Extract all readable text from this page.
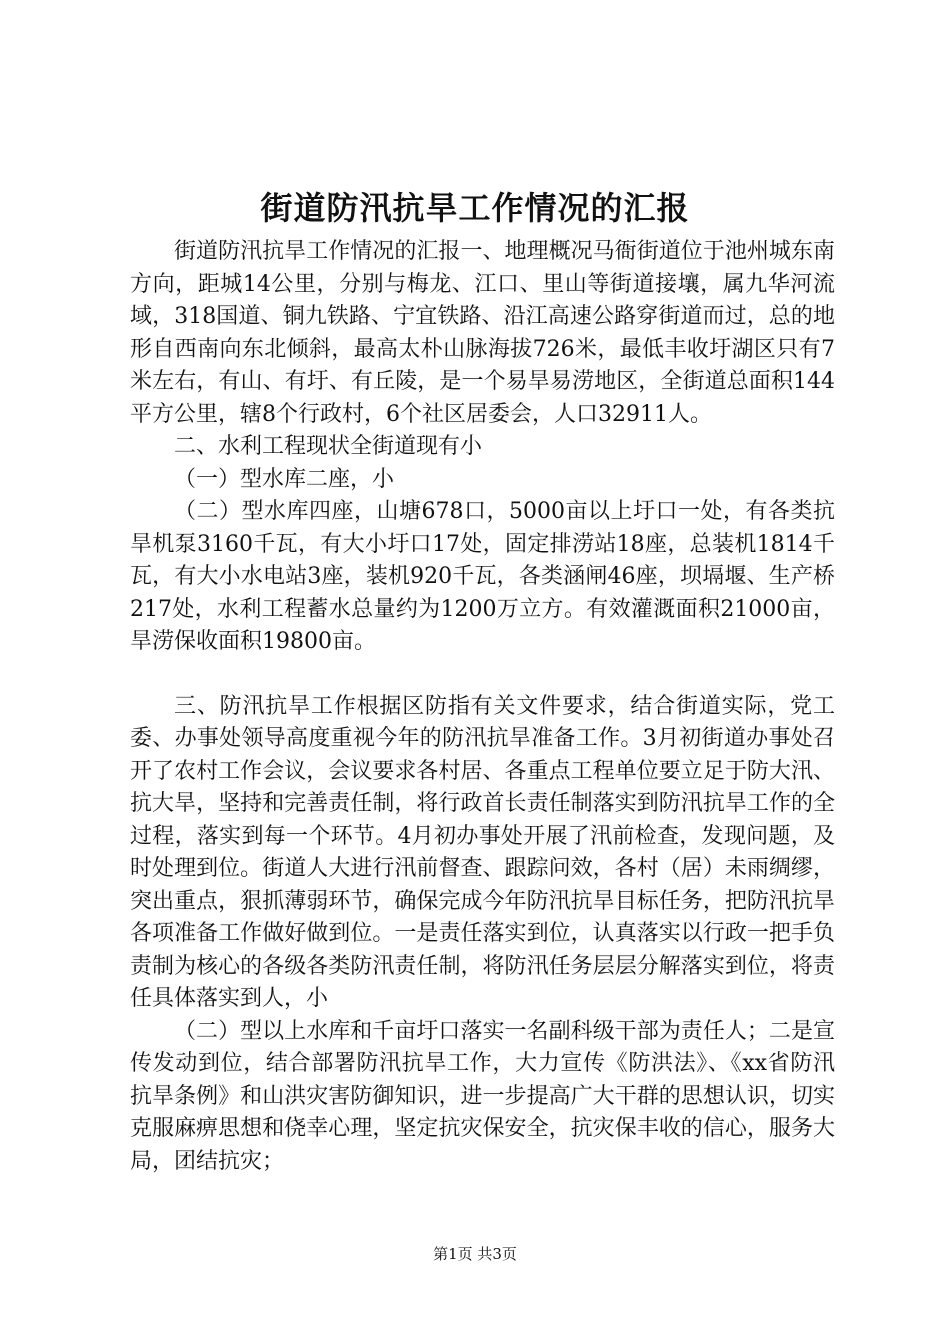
街道防汛抗旱工作情况的汇报

街道防汛抗旱工作情况的汇报一、地理概况马衙街道位于池州城东南方向，距城14公里，分别与梅龙、江口、里山等街道接壤，属九华河流域，318国道、铜九铁路、宁宜铁路、沿江高速公路穿街道而过，总的地形自西南向东北倾斜，最高太朴山脉海拔726米，最低丰收圩湖区只有7米左右，有山、有圩、有丘陵，是一个易旱易涝地区，全街道总面积144平方公里，辖8个行政村，6个社区居委会，人口32911人。

二、水利工程现状全街道现有小

（一）型水库二座，小

（二）型水库四座，山塘678口，5000亩以上圩口一处，有各类抗旱机泵3160千瓦，有大小圩口17处，固定排涝站18座，总装机1814千瓦，有大小水电站3座，装机920千瓦，各类涵闸46座，坝塥堰、生产桥217处，水利工程蓄水总量约为1200万立方。有效灌溉面积21000亩，旱涝保收面积19800亩。

三、防汛抗旱工作根据区防指有关文件要求，结合街道实际，党工委、办事处领导高度重视今年的防汛抗旱准备工作。3月初街道办事处召开了农村工作会议，会议要求各村居、各重点工程单位要立足于防大汛、抗大旱，坚持和完善责任制，将行政首长责任制落实到防汛抗旱工作的全过程，落实到每一个环节。4月初办事处开展了汛前检查，发现问题，及时处理到位。街道人大进行汛前督查、跟踪问效，各村（居）未雨绸缪，突出重点，狠抓薄弱环节，确保完成今年防汛抗旱目标任务，把防汛抗旱各项准备工作做好做到位。一是责任落实到位，认真落实以行政一把手负责制为核心的各级各类防汛责任制，将防汛任务层层分解落实到位，将责任具体落实到人，小

（二）型以上水库和千亩圩口落实一名副科级干部为责任人；二是宣传发动到位，结合部署防汛抗旱工作，大力宣传《防洪法》、《xx省防汛抗旱条例》和山洪灾害防御知识，进一步提高广大干群的思想认识，切实克服麻痹思想和侥幸心理，坚定抗灾保安全，抗灾保丰收的信心，服务大局，团结抗灾；

第1页 共3页
